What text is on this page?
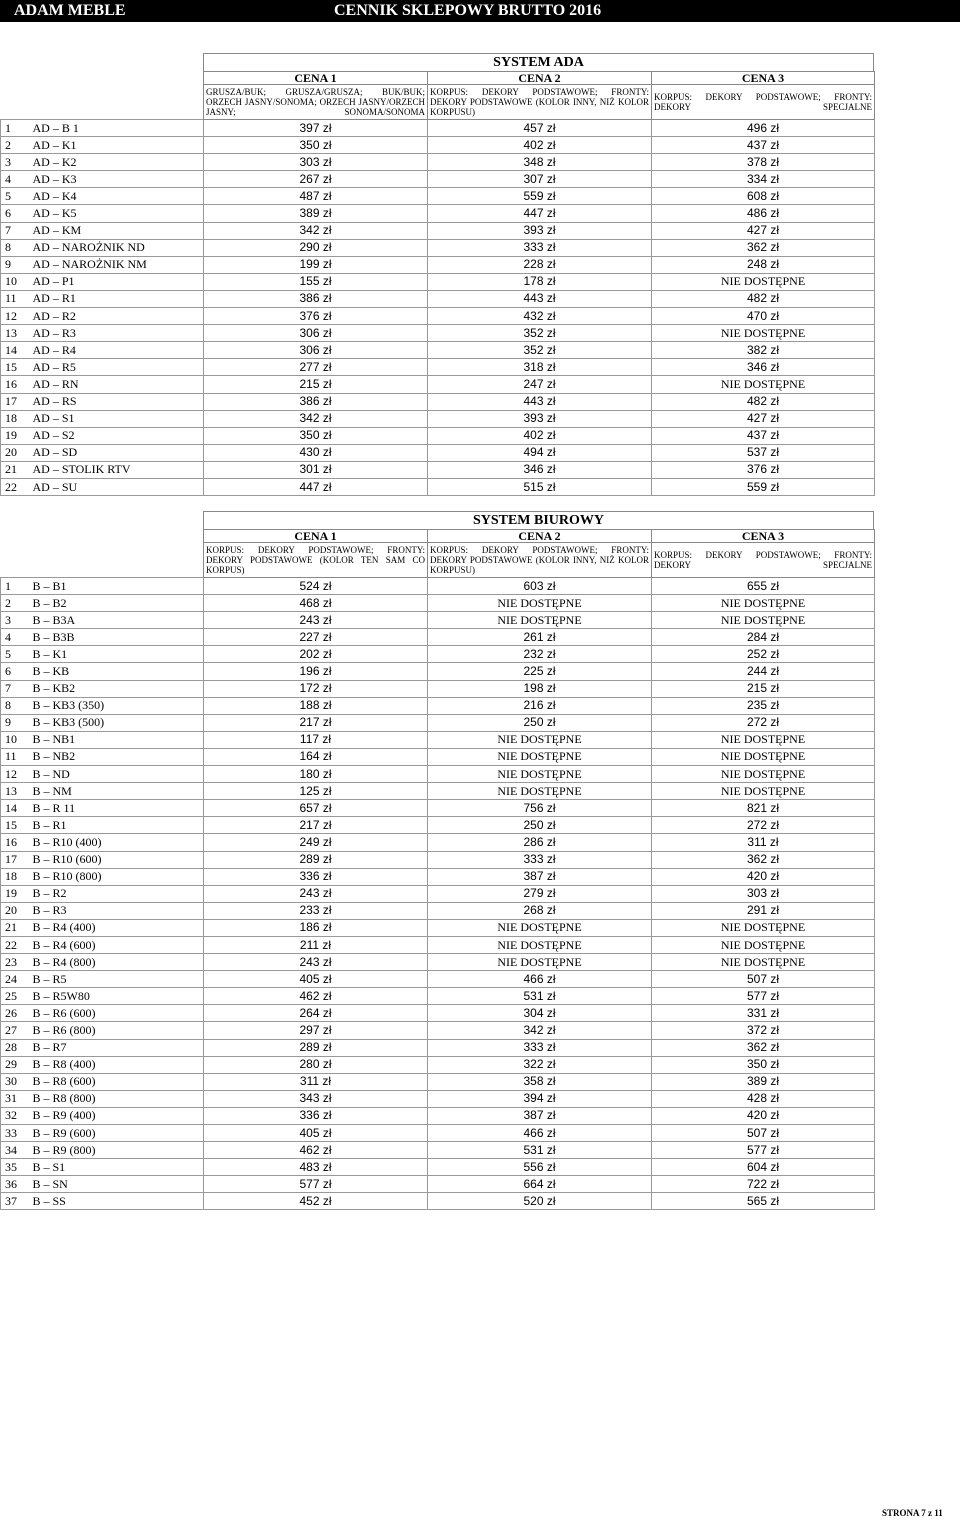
ADAM MEBLE	CENNIK SKLEPOWY BRUTTO 2016
SYSTEM ADA
		CENA 1	CENA 2	CENA 3

		GRUSZA/BUK; GRUSZA/GRUSZA; BUK/BUK; ORZECH JASNY/SONOMA; ORZECH JASNY/ORZECH JASNY; SONOMA/SONOMA	KORPUS: DEKORY PODSTAWOWE; FRONTY: DEKORY PODSTAWOWE (KOLOR INNY, NIŻ KOLOR KORPUSU)	KORPUS: DEKORY PODSTAWOWE; FRONTY: DEKORY SPECJALNE

1	AD – B 1	397 zł	457 zł	496 zł
2	AD – K1	350 zł	402 zł	437 zł
3	AD – K2	303 zł	348 zł	378 zł
4	AD – K3	267 zł	307 zł	334 zł
5	AD – K4	487 zł	559 zł	608 zł
6	AD – K5	389 zł	447 zł	486 zł
7	AD – KM	342 zł	393 zł	427 zł
8	AD – NAROŻNIK ND	290 zł	333 zł	362 zł
9	AD – NAROŻNIK NM	199 zł	228 zł	248 zł
10	AD – P1	155 zł	178 zł	NIE DOSTĘPNE
11	AD – R1	386 zł	443 zł	482 zł
12	AD – R2	376 zł	432 zł	470 zł
13	AD – R3	306 zł	352 zł	NIE DOSTĘPNE
14	AD – R4	306 zł	352 zł	382 zł
15	AD – R5	277 zł	318 zł	346 zł
16	AD – RN	215 zł	247 zł	NIE DOSTĘPNE
17	AD – RS	386 zł	443 zł	482 zł
18	AD – S1	342 zł	393 zł	427 zł
19	AD – S2	350 zł	402 zł	437 zł
20	AD – SD	430 zł	494 zł	537 zł
21	AD – STOLIK RTV	301 zł	346 zł	376 zł
22	AD – SU	447 zł	515 zł	559 zł
SYSTEM BIUROWY
		CENA 1	CENA 2	CENA 3

		KORPUS: DEKORY PODSTAWOWE; FRONTY: DEKORY PODSTAWOWE (KOLOR TEN SAM CO KORPUS)	KORPUS: DEKORY PODSTAWOWE; FRONTY: DEKORY PODSTAWOWE (KOLOR INNY, NIŻ KOLOR KORPUSU)	KORPUS: DEKORY PODSTAWOWE; FRONTY: DEKORY SPECJALNE

1	B – B1	524 zł	603 zł	655 zł
2	B – B2	468 zł	NIE DOSTĘPNE	NIE DOSTĘPNE
3	B – B3A	243 zł	NIE DOSTĘPNE	NIE DOSTĘPNE
4	B – B3B	227 zł	261 zł	284 zł
5	B – K1	202 zł	232 zł	252 zł
6	B – KB	196 zł	225 zł	244 zł
7	B – KB2	172 zł	198 zł	215 zł
8	B – KB3 (350)	188 zł	216 zł	235 zł
9	B – KB3 (500)	217 zł	250 zł	272 zł
10	B – NB1	117 zł	NIE DOSTĘPNE	NIE DOSTĘPNE
11	B – NB2	164 zł	NIE DOSTĘPNE	NIE DOSTĘPNE
12	B – ND	180 zł	NIE DOSTĘPNE	NIE DOSTĘPNE
13	B – NM	125 zł	NIE DOSTĘPNE	NIE DOSTĘPNE
14	B – R 11	657 zł	756 zł	821 zł
15	B – R1	217 zł	250 zł	272 zł
16	B – R10 (400)	249 zł	286 zł	311 zł
17	B – R10 (600)	289 zł	333 zł	362 zł
18	B – R10 (800)	336 zł	387 zł	420 zł
19	B – R2	243 zł	279 zł	303 zł
20	B – R3	233 zł	268 zł	291 zł
21	B – R4 (400)	186 zł	NIE DOSTĘPNE	NIE DOSTĘPNE
22	B – R4 (600)	211 zł	NIE DOSTĘPNE	NIE DOSTĘPNE
23	B – R4 (800)	243 zł	NIE DOSTĘPNE	NIE DOSTĘPNE
24	B – R5	405 zł	466 zł	507 zł
25	B – R5W80	462 zł	531 zł	577 zł
26	B – R6 (600)	264 zł	304 zł	331 zł
27	B – R6 (800)	297 zł	342 zł	372 zł
28	B – R7	289 zł	333 zł	362 zł
29	B – R8 (400)	280 zł	322 zł	350 zł
30	B – R8 (600)	311 zł	358 zł	389 zł
31	B – R8 (800)	343 zł	394 zł	428 zł
32	B – R9 (400)	336 zł	387 zł	420 zł
33	B – R9 (600)	405 zł	466 zł	507 zł
34	B – R9 (800)	462 zł	531 zł	577 zł
35	B – S1	483 zł	556 zł	604 zł
36	B – SN	577 zł	664 zł	722 zł
37	B – SS	452 zł	520 zł	565 zł
STRONA 7 z 11
